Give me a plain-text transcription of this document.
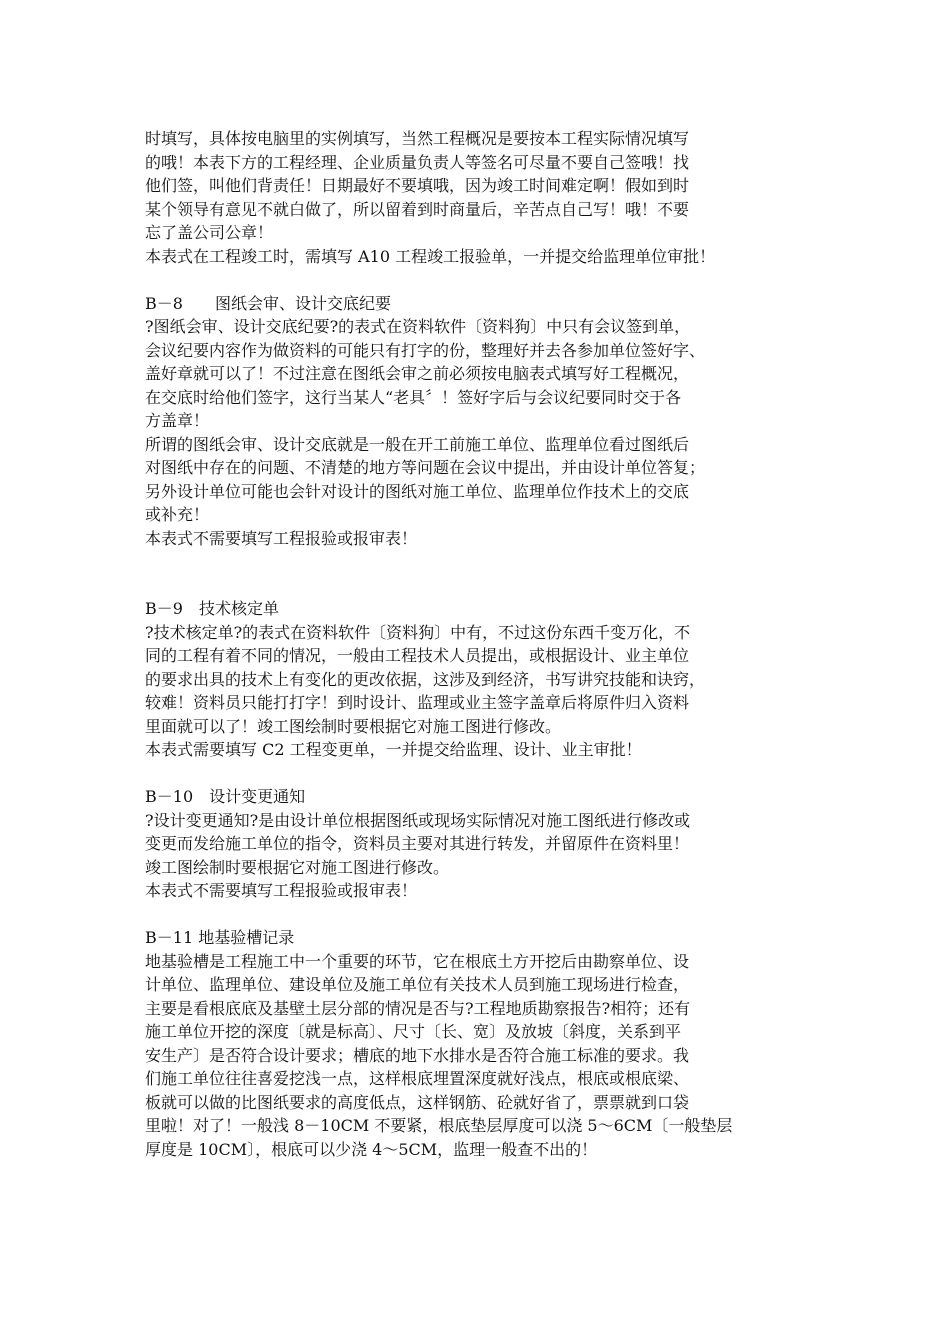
时填写，具体按电脑里的实例填写，当然工程概况是要按本工程实际情况填写
的哦！本表下方的工程经理、企业质量负责人等签名可尽量不要自己签哦！找
他们签，叫他们背责任！日期最好不要填哦，因为竣工时间难定啊！假如到时
某个领导有意见不就白做了，所以留着到时商量后，辛苦点自己写！哦！不要
忘了盖公司公章！
本表式在工程竣工时，需填写 A10 工程竣工报验单，一并提交给监理单位审批！
B－8　　图纸会审、设计交底纪要
?图纸会审、设计交底纪要?的表式在资料软件〔资料狗〕中只有会议签到单，
会议纪要内容作为做资料的可能只有打字的份，整理好并去各参加单位签好字、
盖好章就可以了！不过注意在图纸会审之前必须按电脑表式填写好工程概况，
在交底时给他们签字，这行当某人“老具〞！签好字后与会议纪要同时交于各
方盖章！
所谓的图纸会审、设计交底就是一般在开工前施工单位、监理单位看过图纸后
对图纸中存在的问题、不清楚的地方等问题在会议中提出，并由设计单位答复；
另外设计单位可能也会针对设计的图纸对施工单位、监理单位作技术上的交底
或补充！
本表式不需要填写工程报验或报审表！
B－9　技术核定单
?技术核定单?的表式在资料软件〔资料狗〕中有，不过这份东西千变万化，不
同的工程有着不同的情况，一般由工程技术人员提出，或根据设计、业主单位
的要求出具的技术上有变化的更改依据，这涉及到经济，书写讲究技能和诀窍，
较难！资料员只能打打字！到时设计、监理或业主签字盖章后将原件归入资料
里面就可以了！竣工图绘制时要根据它对施工图进行修改。
本表式需要填写 C2 工程变更单，一并提交给监理、设计、业主审批！
B－10　设计变更通知
?设计变更通知?是由设计单位根据图纸或现场实际情况对施工图纸进行修改或
变更而发给施工单位的指令，资料员主要对其进行转发，并留原件在资料里！
竣工图绘制时要根据它对施工图进行修改。
本表式不需要填写工程报验或报审表！
B－11 地基验槽记录
地基验槽是工程施工中一个重要的环节，它在根底土方开挖后由勘察单位、设
计单位、监理单位、建设单位及施工单位有关技术人员到施工现场进行检查，
主要是看根底底及基壁土层分部的情况是否与?工程地质勘察报告?相符；还有
施工单位开挖的深度〔就是标高〕、尺寸〔长、宽〕及放坡〔斜度，关系到平
安生产〕是否符合设计要求；槽底的地下水排水是否符合施工标准的要求。我
们施工单位往往喜爱挖浅一点，这样根底埋置深度就好浅点，根底或根底梁、
板就可以做的比图纸要求的高度低点，这样钢筋、砼就好省了，票票就到口袋
里啦！对了！一般浅 8－10CM 不要紧，根底垫层厚度可以浇 5～6CM〔一般垫层
厚度是 10CM〕，根底可以少浇 4～5CM，监理一般查不出的！
